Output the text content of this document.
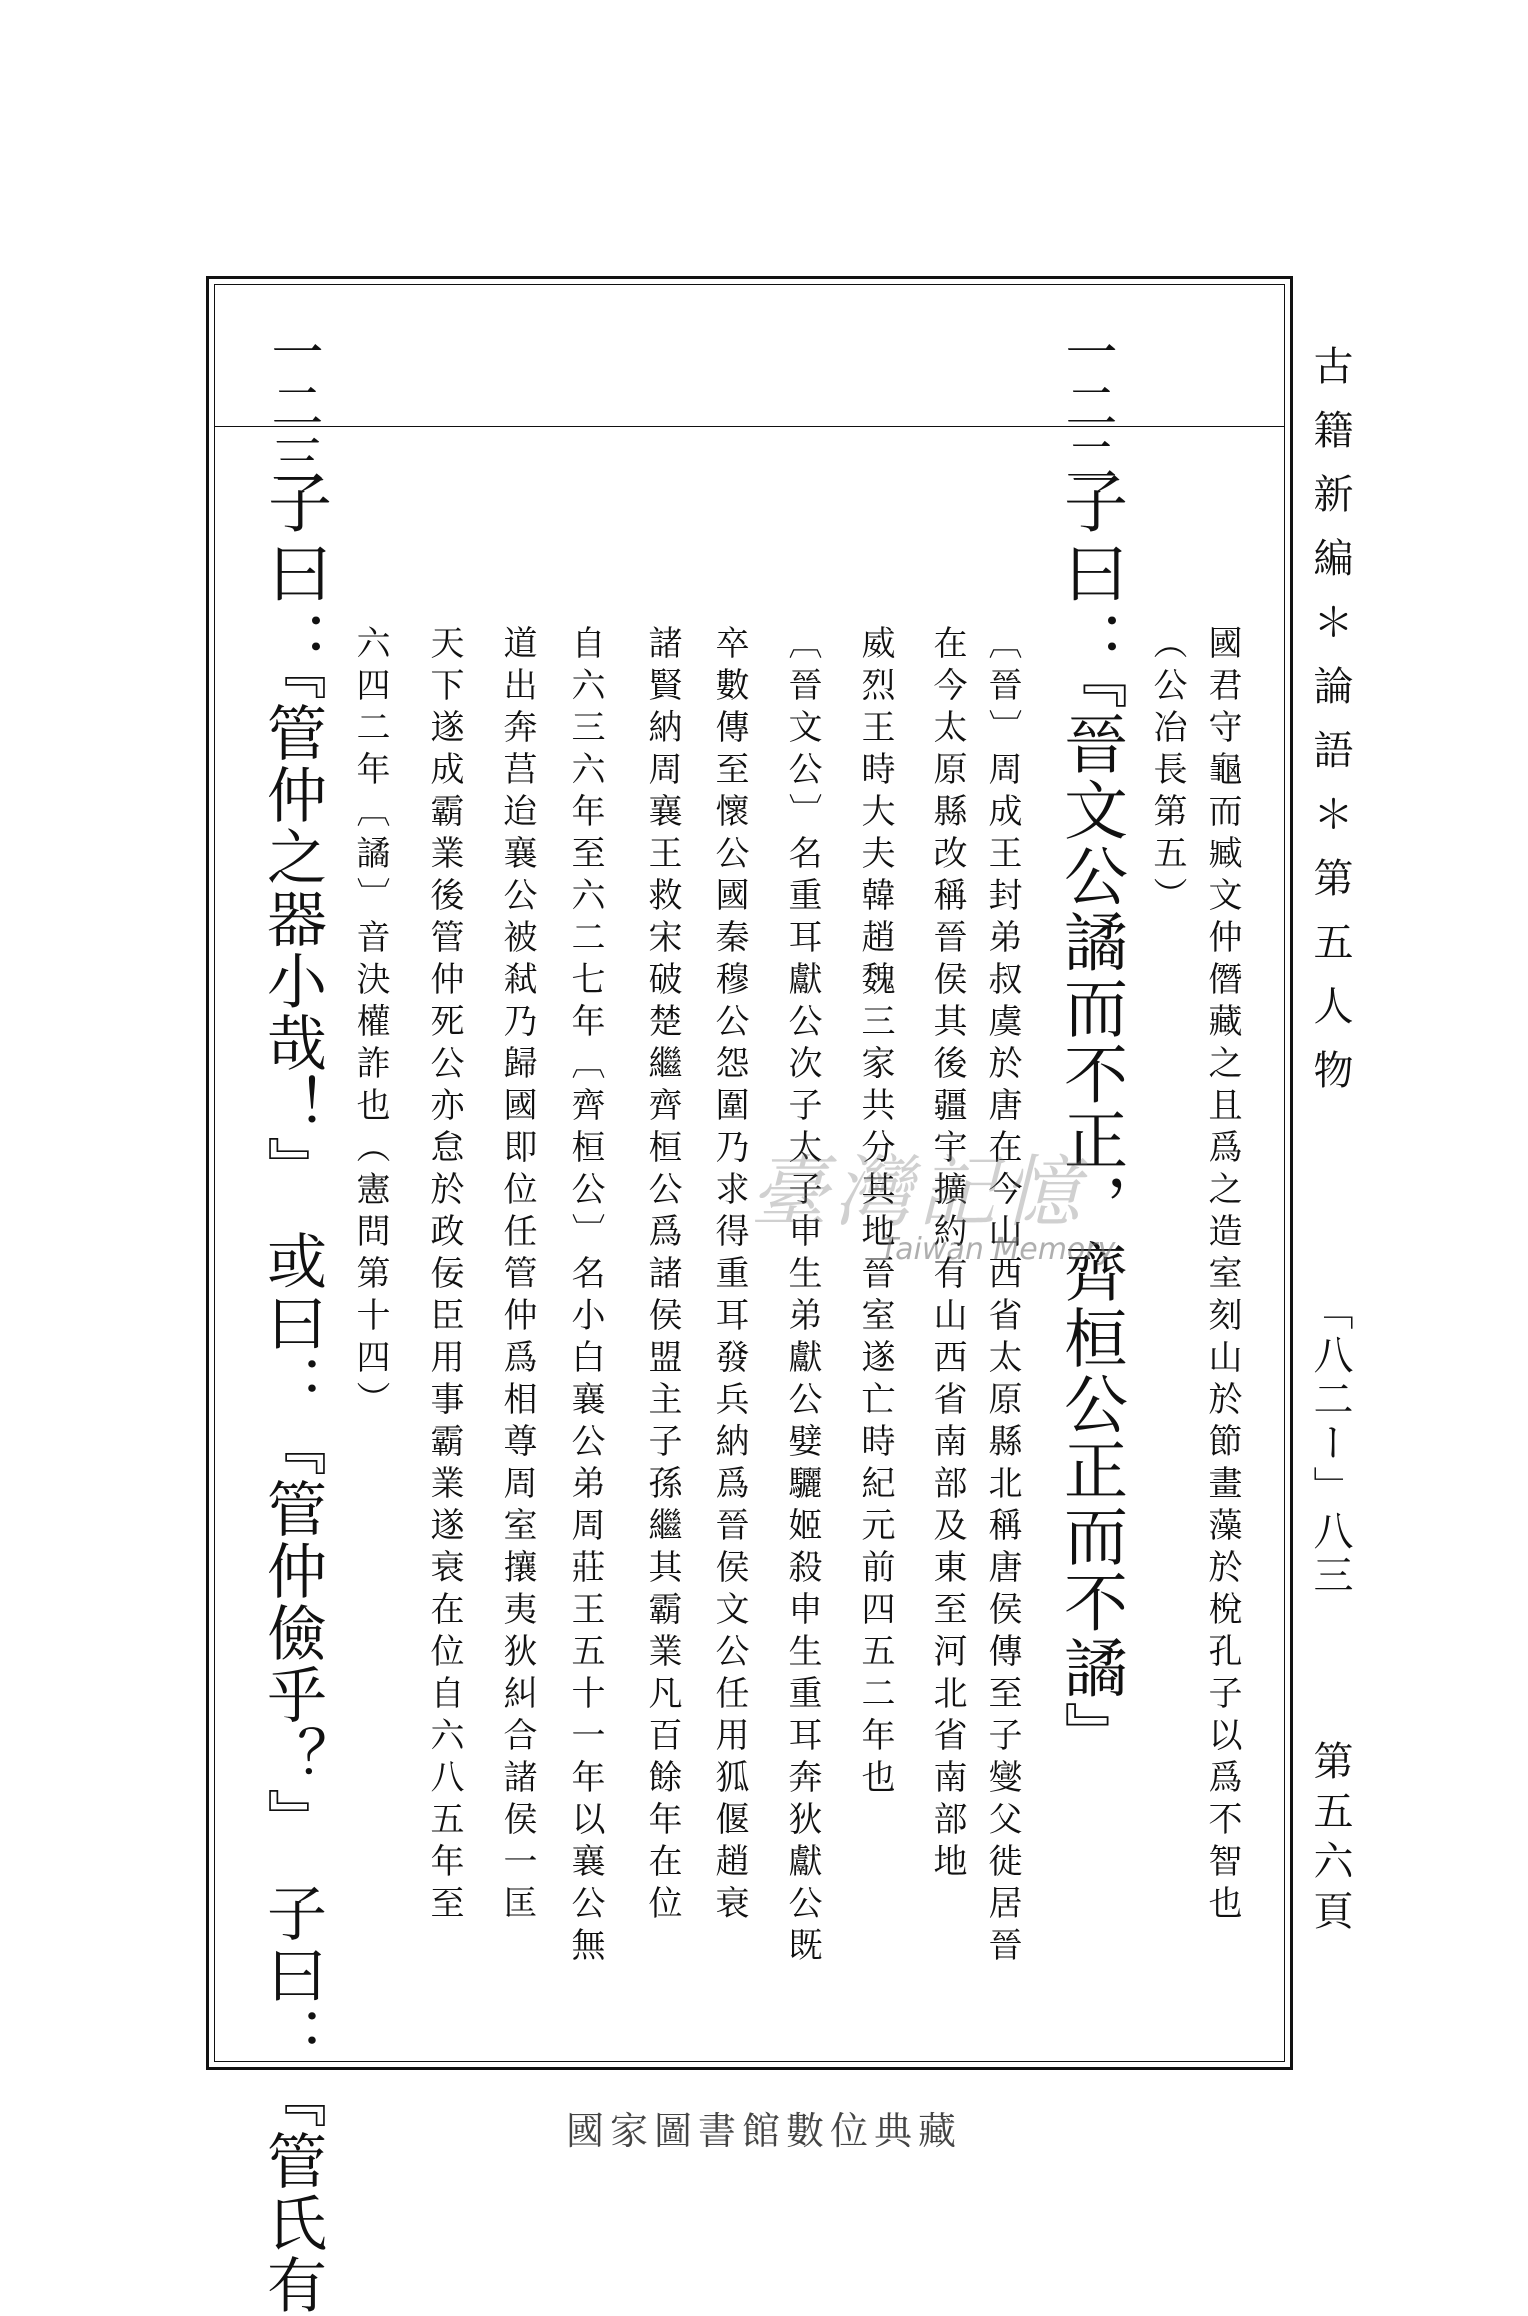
古籍新編＊論語＊第五人物
「八二ー」八三
第五六頁
一二二
一二三
國君守龜而臧文仲僭藏之且爲之造室刻山於節畫藻於梲孔子以爲不智也
（公冶長第五）
子曰：
『晉文公譎而不正，齊桓公正而不譎』
〔晉〕周成王封弟叔虞於唐在今山西省太原縣北稱唐侯傳至子燮父徙居晉
在今太原縣改稱晉侯其後疆宇擴約有山西省南部及東至河北省南部地
威烈王時大夫韓趙魏三家共分其地晉室遂亡時紀元前四五二年也
〔晉文公〕名重耳獻公次子太子申生弟獻公嬖驪姬殺申生重耳奔狄獻公既
卒數傳至懷公國秦穆公怨圍乃求得重耳發兵納爲晉侯文公任用狐偃趙衰
諸賢納周襄王救宋破楚繼齊桓公爲諸侯盟主子孫繼其霸業凡百餘年在位
自六三六年至六二七年〔齊桓公〕名小白襄公弟周莊王五十一年以襄公無
道出奔莒迨襄公被弒乃歸國即位任管仲爲相尊周室攘夷狄糾合諸侯一匡
天下遂成霸業後管仲死公亦怠於政佞臣用事霸業遂衰在位自六八五年至
六四二年〔譎〕音決權詐也（憲問第十四）
子曰：
『管仲之器小哉！』　或曰：『管仲儉乎？』　子曰：『管氏有	臺灣記憶
Taiwan Memory
國家圖書館數位典藏
